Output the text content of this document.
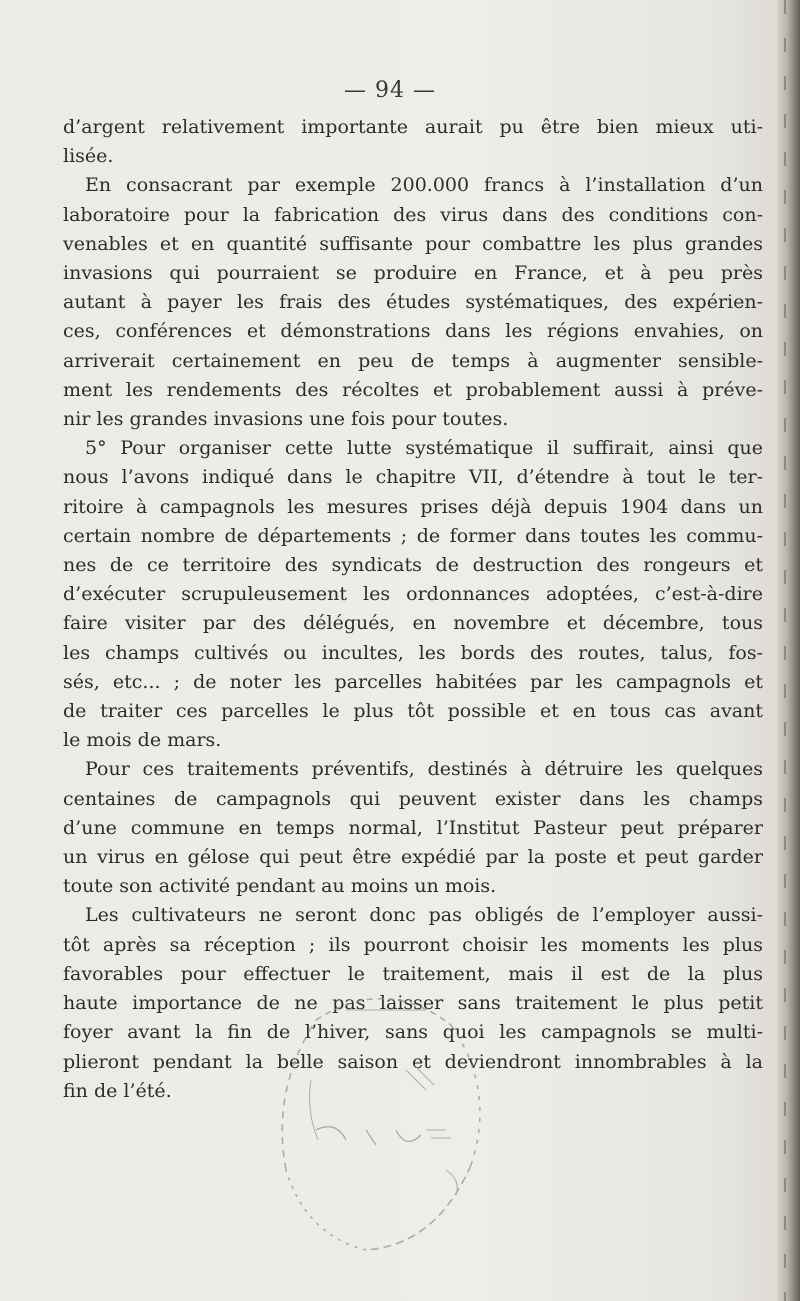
— 94 —
d’argent relativement importante aurait pu être bien mieux uti-
lisée.
En consacrant par exemple 200.000 francs à l’installation d’un
laboratoire pour la fabrication des virus dans des conditions con-
venables et en quantité suffisante pour combattre les plus grandes
invasions qui pourraient se produire en France, et à peu près
autant à payer les frais des études systématiques, des expérien-
ces, conférences et démonstrations dans les régions envahies, on
arriverait certainement en peu de temps à augmenter sensible-
ment les rendements des récoltes et probablement aussi à préve-
nir les grandes invasions une fois pour toutes.
5° Pour organiser cette lutte systématique il suffirait, ainsi que
nous l’avons indiqué dans le chapitre VII, d’étendre à tout le ter-
ritoire à campagnols les mesures prises déjà depuis 1904 dans un
certain nombre de départements ; de former dans toutes les commu-
nes de ce territoire des syndicats de destruction des rongeurs et
d’exécuter scrupuleusement les ordonnances adoptées, c’est-à-dire
faire visiter par des délégués, en novembre et décembre, tous
les champs cultivés ou incultes, les bords des routes, talus, fos-
sés, etc... ; de noter les parcelles habitées par les campagnols et
de traiter ces parcelles le plus tôt possible et en tous cas avant
le mois de mars.
Pour ces traitements préventifs, destinés à détruire les quelques
centaines de campagnols qui peuvent exister dans les champs
d’une commune en temps normal, l’Institut Pasteur peut préparer
un virus en gélose qui peut être expédié par la poste et peut garder
toute son activité pendant au moins un mois.
Les cultivateurs ne seront donc pas obligés de l’employer aussi-
tôt après sa réception ; ils pourront choisir les moments les plus
favorables pour effectuer le traitement, mais il est de la plus
haute importance de ne pas laisser sans traitement le plus petit
foyer avant la fin de l’hiver, sans quoi les campagnols se multi-
plieront pendant la belle saison et deviendront innombrables à la
fin de l’été.
